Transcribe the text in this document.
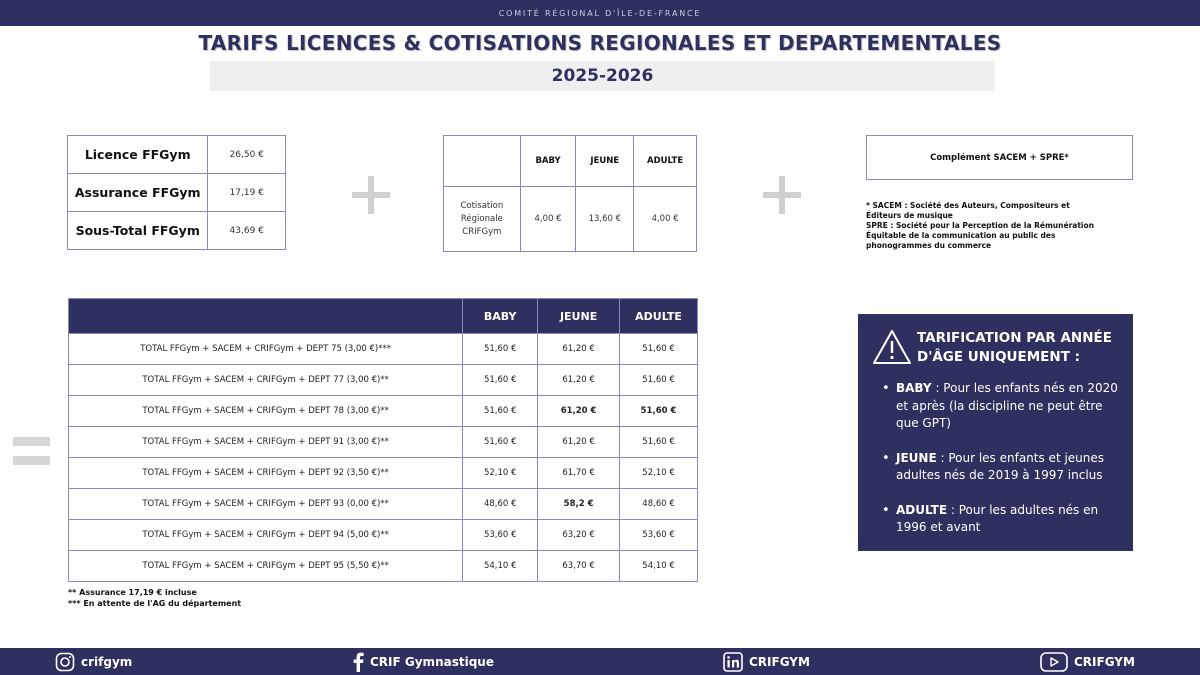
COMITÉ RÉGIONAL D'ÎLE-DE-FRANCE
TARIFS LICENCES & COTISATIONS REGIONALES ET DEPARTEMENTALES
2025-2026
Licence FFGym	26,50 €
Assurance FFGym	17,19 €
Sous-Total FFGym	43,69 €
	BABY	JEUNE	ADULTE
Cotisation Régionale CRIFGym	4,00 €	13,60 €	4,00 €
Complément SACEM + SPRE*
* SACEM : Société des Auteurs, Compositeurs et Éditeurs de musique
SPRE : Société pour la Perception de la Rémunération Équitable de la communication au public des phonogrammes du commerce
	BABY	JEUNE	ADULTE
TOTAL FFGym + SACEM + CRIFGym + DEPT 75 (3,00 €)***	51,60 €	61,20 €	51,60 €
TOTAL FFGym + SACEM + CRIFGym + DEPT 77 (3,00 €)**	51,60 €	61,20 €	51,60 €
TOTAL FFGym + SACEM + CRIFGym + DEPT 78 (3,00 €)**	51,60 €	61,20 €	51,60 €
TOTAL FFGym + SACEM + CRIFGym + DEPT 91 (3,00 €)**	51,60 €	61,20 €	51,60 €
TOTAL FFGym + SACEM + CRIFGym + DEPT 92 (3,50 €)**	52,10 €	61,70 €	52,10 €
TOTAL FFGym + SACEM + CRIFGym + DEPT 93 (0,00 €)**	48,60 €	58,2 €	48,60 €
TOTAL FFGym + SACEM + CRIFGym + DEPT 94 (5,00 €)**	53,60 €	63,20 €	53,60 €
TOTAL FFGym + SACEM + CRIFGym + DEPT 95 (5,50 €)**	54,10 €	63,70 €	54,10 €
** Assurance 17,19 € incluse
*** En attente de l'AG du département
TARIFICATION PAR ANNÉE D'ÂGE UNIQUEMENT :
• BABY : Pour les enfants nés en 2020 et après (la discipline ne peut être que GPT)
• JEUNE : Pour les enfants et jeunes adultes nés de 2019 à 1997 inclus
• ADULTE : Pour les adultes nés en 1996 et avant
crifgym	CRIF Gymnastique	CRIFGYM	CRIFGYM
